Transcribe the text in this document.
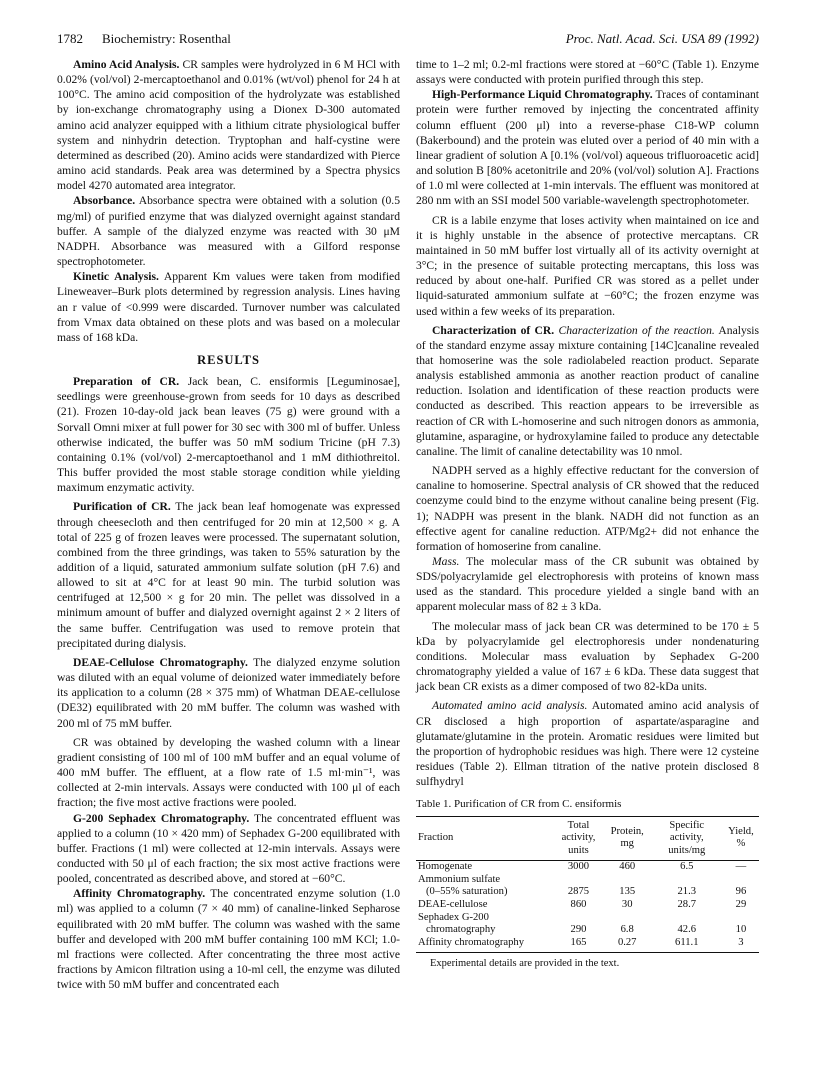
1782 Biochemistry: Rosenthal	Proc. Natl. Acad. Sci. USA 89 (1992)

Amino Acid Analysis. CR samples were hydrolyzed in 6 M HCl with 0.02% (vol/vol) 2-mercaptoethanol and 0.01% (wt/vol) phenol for 24 h at 100°C. The amino acid composition of the hydrolyzate was established by ion-exchange chromatography using a Dionex D-300 automated amino acid analyzer equipped with a lithium citrate physiological buffer system and ninhydrin detection. Tryptophan and half-cystine were determined as described (20). Amino acids were standardized with Pierce amino acid standards. Peak area was determined by a Spectra physics model 4270 automated area integrator.

Absorbance. Absorbance spectra were obtained with a solution (0.5 mg/ml) of purified enzyme that was dialyzed overnight against standard buffer. A sample of the dialyzed enzyme was reacted with 30 μM NADPH. Absorbance was measured with a Gilford response spectrophotometer.

Kinetic Analysis. Apparent Km values were taken from modified Lineweaver–Burk plots determined by regression analysis. Lines having an r value of <0.999 were discarded. Turnover number was calculated from Vmax data obtained on these plots and was based on a molecular mass of 168 kDa.

RESULTS

Preparation of CR. Jack bean, C. ensiformis [Leguminosae], seedlings were greenhouse-grown from seeds for 10 days as described (21). Frozen 10-day-old jack bean leaves (75 g) were ground with a Sorvall Omni mixer at full power for 30 sec with 300 ml of buffer. Unless otherwise indicated, the buffer was 50 mM sodium Tricine (pH 7.3) containing 0.1% (vol/vol) 2-mercaptoethanol and 1 mM dithiothreitol. This buffer provided the most stable storage condition while yielding maximum enzymatic activity.

Purification of CR. The jack bean leaf homogenate was expressed through cheesecloth and then centrifuged for 20 min at 12,500 × g. A total of 225 g of frozen leaves were processed. The supernatant solution, combined from the three grindings, was taken to 55% saturation by the addition of a liquid, saturated ammonium sulfate solution (pH 7.6) and allowed to sit at 4°C for at least 90 min. The turbid solution was centrifuged at 12,500 × g for 20 min. The pellet was dissolved in a minimum amount of buffer and dialyzed overnight against 2 × 2 liters of the same buffer. Centrifugation was used to remove protein that precipitated during dialysis.

DEAE-Cellulose Chromatography. The dialyzed enzyme solution was diluted with an equal volume of deionized water immediately before its application to a column (28 × 375 mm) of Whatman DEAE-cellulose (DE32) equilibrated with 20 mM buffer. The column was washed with 200 ml of 75 mM buffer.

CR was obtained by developing the washed column with a linear gradient consisting of 100 ml of 100 mM buffer and an equal volume of 400 mM buffer. The effluent, at a flow rate of 1.5 ml·min⁻¹, was collected at 2-min intervals. Assays were conducted with 100 μl of each fraction; the five most active fractions were pooled.

G-200 Sephadex Chromatography. The concentrated effluent was applied to a column (10 × 420 mm) of Sephadex G-200 equilibrated with buffer. Fractions (1 ml) were collected at 12-min intervals. Assays were conducted with 50 μl of each fraction; the six most active fractions were pooled, concentrated as described above, and stored at −60°C.

Affinity Chromatography. The concentrated enzyme solution (1.0 ml) was applied to a column (7 × 40 mm) of canaline-linked Sepharose equilibrated with 20 mM buffer. The column was washed with the same buffer and developed with 200 mM buffer containing 100 mM KCl; 1.0-ml fractions were collected. After concentrating the three most active fractions by Amicon filtration using a 10-ml cell, the enzyme was diluted twice with 50 mM buffer and concentrated each

time to 1–2 ml; 0.2-ml fractions were stored at −60°C (Table 1). Enzyme assays were conducted with protein purified through this step.

High-Performance Liquid Chromatography. Traces of contaminant protein were further removed by injecting the concentrated affinity column effluent (200 μl) into a reverse-phase C18-WP column (Bakerbound) and the protein was eluted over a period of 40 min with a linear gradient of solution A [0.1% (vol/vol) aqueous trifluoroacetic acid] and solution B [80% acetonitrile and 20% (vol/vol) solution A]. Fractions of 1.0 ml were collected at 1-min intervals. The effluent was monitored at 280 nm with an SSI model 500 variable-wavelength spectrophotometer.

CR is a labile enzyme that loses activity when maintained on ice and it is highly unstable in the absence of protective mercaptans. CR maintained in 50 mM buffer lost virtually all of its activity overnight at 3°C; in the presence of suitable protecting mercaptans, this loss was reduced by about one-half. Purified CR was stored as a pellet under liquid-saturated ammonium sulfate at −60°C; the frozen enzyme was used within a few weeks of its preparation.

Characterization of CR. Characterization of the reaction. Analysis of the standard enzyme assay mixture containing [14C]canaline revealed that homoserine was the sole radiolabeled reaction product. Separate analysis established ammonia as another reaction product of canaline reduction. Isolation and identification of these reaction products were conducted as described. This reaction appears to be irreversible as reaction of CR with L-homoserine and such nitrogen donors as ammonia, glutamine, asparagine, or hydroxylamine failed to produce any detectable canaline. The limit of canaline detectability was 10 nmol.

NADPH served as a highly effective reductant for the conversion of canaline to homoserine. Spectral analysis of CR showed that the reduced coenzyme could bind to the enzyme without canaline being present (Fig. 1); NADPH was present in the blank. NADH did not function as an effective agent for canaline reduction. ATP/Mg2+ did not enhance the formation of homoserine from canaline.

Mass. The molecular mass of the CR subunit was obtained by SDS/polyacrylamide gel electrophoresis with proteins of known mass used as the standard. This procedure yielded a single band with an apparent molecular mass of 82 ± 3 kDa.

The molecular mass of jack bean CR was determined to be 170 ± 5 kDa by polyacrylamide gel electrophoresis under nondenaturing conditions. Molecular mass evaluation by Sephadex G-200 chromatography yielded a value of 167 ± 6 kDa. These data suggest that jack bean CR exists as a dimer composed of two 82-kDa units.

Automated amino acid analysis. Automated amino acid analysis of CR disclosed a high proportion of aspartate/asparagine and glutamate/glutamine in the protein. Aromatic residues were limited but the proportion of hydrophobic residues was high. There were 12 cysteine residues (Table 2). Ellman titration of the native protein disclosed 8 sulfhydryl

Table 1. Purification of CR from C. ensiformis
Fraction	Total activity, units	Protein, mg	Specific activity, units/mg	Yield, %
Homogenate	3000	460	6.5	—
Ammonium sulfate				
(0–55% saturation)	2875	135	21.3	96
DEAE-cellulose	860	30	28.7	29
Sephadex G-200				
chromatography	290	6.8	42.6	10
Affinity chromatography	165	0.27	611.1	3
Experimental details are provided in the text.
